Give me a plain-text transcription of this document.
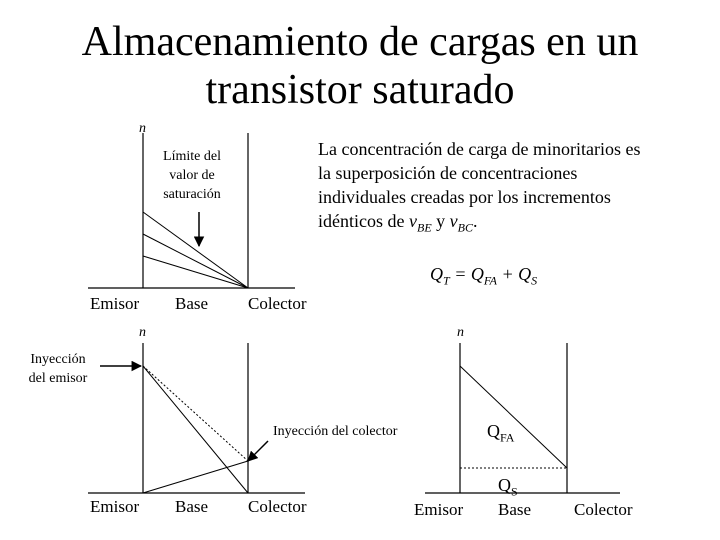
Almacenamiento de cargas en un
transistor saturado
n
Límite del
valor de
saturación
Emisor Base Colector
La concentración de carga de minoritarios es
la superposición de concentraciones
individuales creadas por los incrementos
idénticos de $v_{BE}$ y $v_{BC}$.
$Q_T = Q_{FA} + Q_S$
n
Inyección
del emisor
Inyección del colector
Emisor Base Colector
n
$Q_{FA}$
$Q_S$
Emisor Base	Colector
